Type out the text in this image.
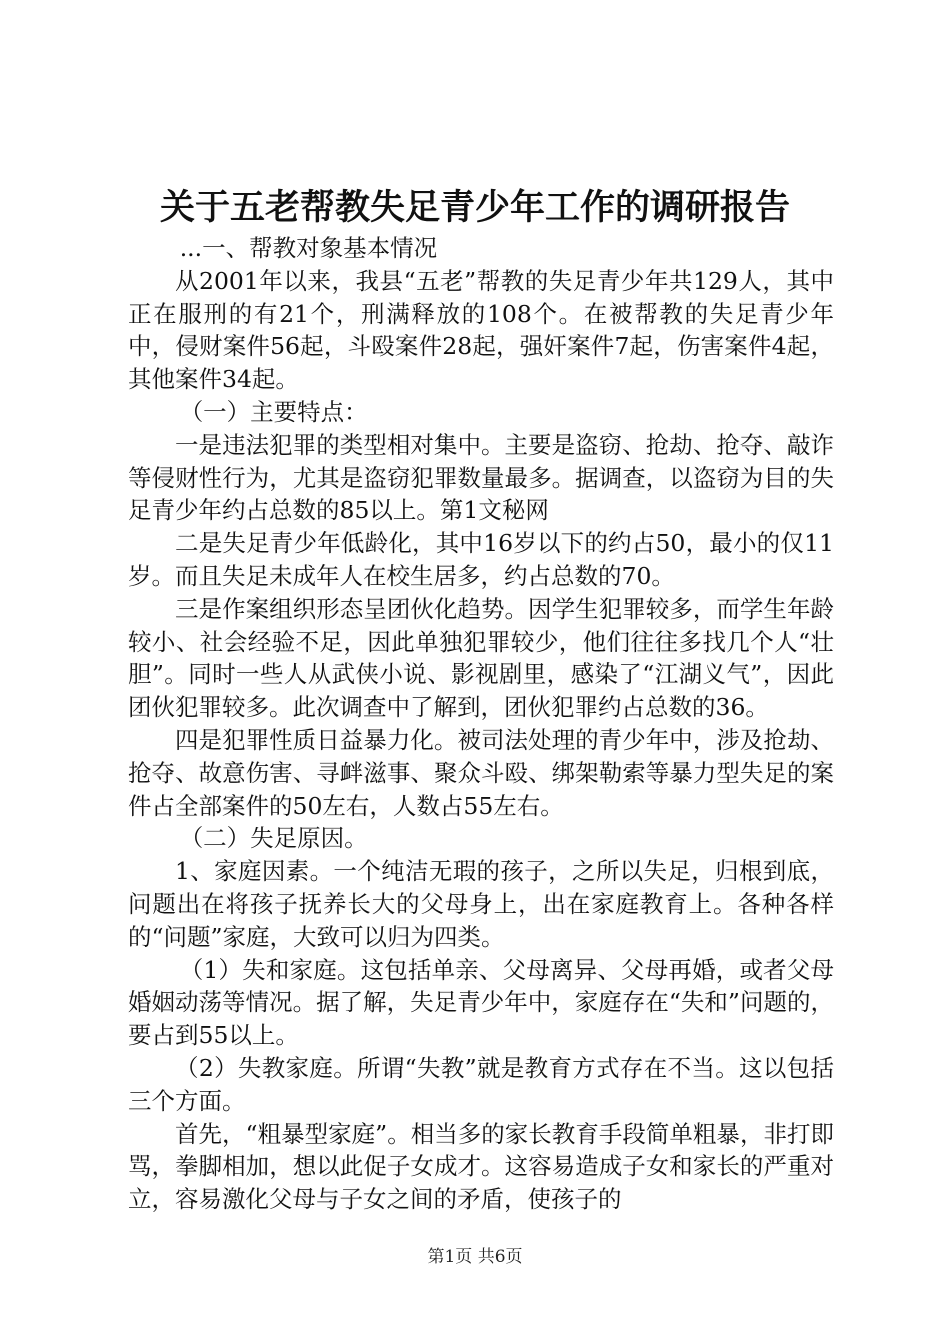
关于五老帮教失足青少年工作的调研报告

...一、帮教对象基本情况

从2001年以来，我县“五老”帮教的失足青少年共129人，其中正在服刑的有21个，刑满释放的108个。在被帮教的失足青少年中，侵财案件56起，斗殴案件28起，强奸案件7起，伤害案件4起，其他案件34起。

（一）主要特点：

一是违法犯罪的类型相对集中。主要是盗窃、抢劫、抢夺、敲诈等侵财性行为，尤其是盗窃犯罪数量最多。据调查，以盗窃为目的失足青少年约占总数的85以上。第1文秘网

二是失足青少年低龄化，其中16岁以下的约占50，最小的仅11岁。而且失足未成年人在校生居多，约占总数的70。

三是作案组织形态呈团伙化趋势。因学生犯罪较多，而学生年龄较小、社会经验不足，因此单独犯罪较少，他们往往多找几个人“壮胆”。同时一些人从武侠小说、影视剧里，感染了“江湖义气”，因此团伙犯罪较多。此次调查中了解到，团伙犯罪约占总数的36。

四是犯罪性质日益暴力化。被司法处理的青少年中，涉及抢劫、抢夺、故意伤害、寻衅滋事、聚众斗殴、绑架勒索等暴力型失足的案件占全部案件的50左右，人数占55左右。

（二）失足原因。

1、家庭因素。一个纯洁无瑕的孩子，之所以失足，归根到底，问题出在将孩子抚养长大的父母身上，出在家庭教育上。各种各样的“问题”家庭，大致可以归为四类。

（1）失和家庭。这包括单亲、父母离异、父母再婚，或者父母婚姻动荡等情况。据了解，失足青少年中，家庭存在“失和”问题的，要占到55以上。

（2）失教家庭。所谓“失教”就是教育方式存在不当。这以包括三个方面。

首先，“粗暴型家庭”。相当多的家长教育手段简单粗暴，非打即骂，拳脚相加，想以此促子女成才。这容易造成子女和家长的严重对立，容易激化父母与子女之间的矛盾，使孩子的

第1页 共6页
